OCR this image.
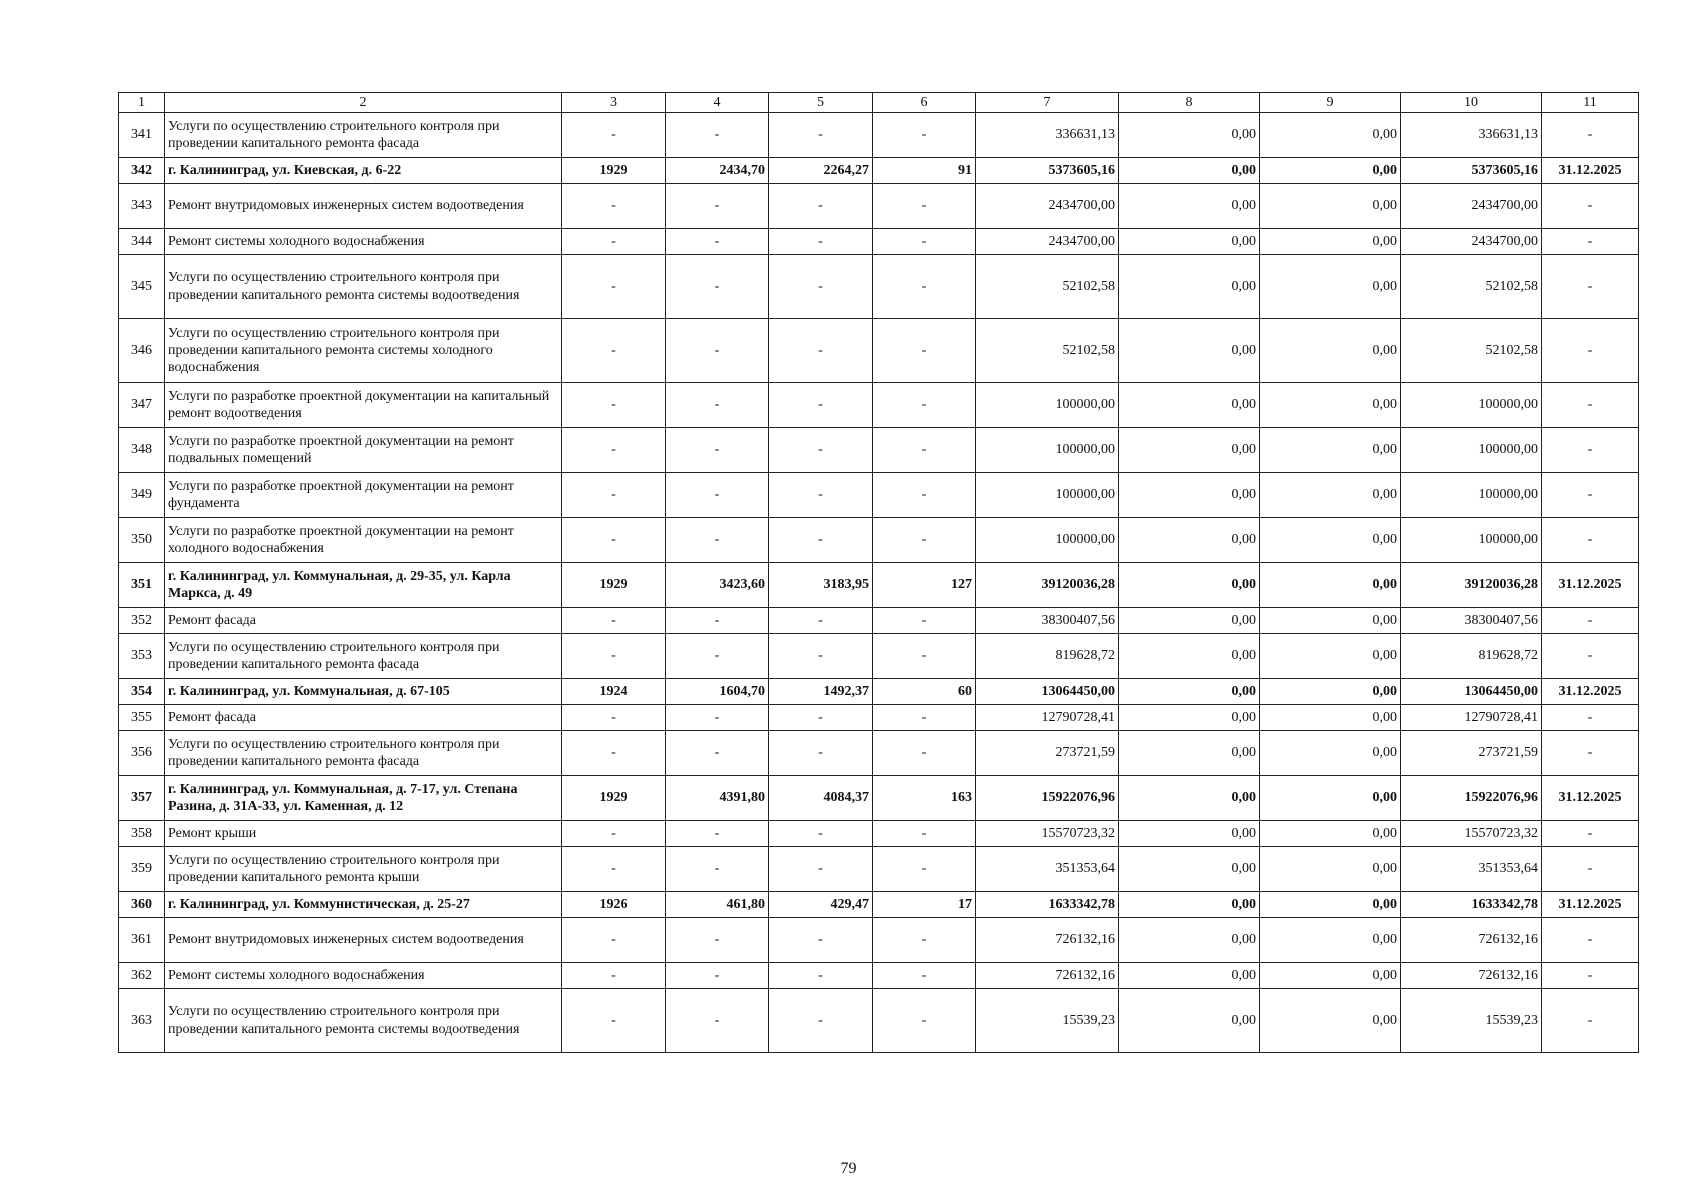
1	2	3	4	5	6	7	8	9	10	11
341	Услуги по осуществлению строительного контроля при проведении капитального ремонта фасада	-	-	-	-	336631,13	0,00	0,00	336631,13	-
342	г. Калининград, ул. Киевская, д. 6-22	1929	2434,70	2264,27	91	5373605,16	0,00	0,00	5373605,16	31.12.2025
343	Ремонт внутридомовых инженерных систем водоотведения	-	-	-	-	2434700,00	0,00	0,00	2434700,00	-
344	Ремонт системы холодного водоснабжения	-	-	-	-	2434700,00	0,00	0,00	2434700,00	-
345	Услуги по осуществлению строительного контроля при проведении капитального ремонта системы водоотведения	-	-	-	-	52102,58	0,00	0,00	52102,58	-
346	Услуги по осуществлению строительного контроля при проведении капитального ремонта системы холодного водоснабжения	-	-	-	-	52102,58	0,00	0,00	52102,58	-
347	Услуги по разработке проектной документации на капитальный ремонт водоотведения	-	-	-	-	100000,00	0,00	0,00	100000,00	-
348	Услуги по разработке проектной документации на ремонт подвальных помещений	-	-	-	-	100000,00	0,00	0,00	100000,00	-
349	Услуги по разработке проектной документации на ремонт фундамента	-	-	-	-	100000,00	0,00	0,00	100000,00	-
350	Услуги по разработке проектной документации на ремонт холодного водоснабжения	-	-	-	-	100000,00	0,00	0,00	100000,00	-
351	г. Калининград, ул. Коммунальная, д. 29-35, ул. Карла Маркса, д. 49	1929	3423,60	3183,95	127	39120036,28	0,00	0,00	39120036,28	31.12.2025
352	Ремонт фасада	-	-	-	-	38300407,56	0,00	0,00	38300407,56	-
353	Услуги по осуществлению строительного контроля при проведении капитального ремонта фасада	-	-	-	-	819628,72	0,00	0,00	819628,72	-
354	г. Калининград, ул. Коммунальная, д. 67-105	1924	1604,70	1492,37	60	13064450,00	0,00	0,00	13064450,00	31.12.2025
355	Ремонт фасада	-	-	-	-	12790728,41	0,00	0,00	12790728,41	-
356	Услуги по осуществлению строительного контроля при проведении капитального ремонта фасада	-	-	-	-	273721,59	0,00	0,00	273721,59	-
357	г. Калининград, ул. Коммунальная, д. 7-17, ул. Степана Разина, д. 31А-33, ул. Каменная, д. 12	1929	4391,80	4084,37	163	15922076,96	0,00	0,00	15922076,96	31.12.2025
358	Ремонт крыши	-	-	-	-	15570723,32	0,00	0,00	15570723,32	-
359	Услуги по осуществлению строительного контроля при проведении капитального ремонта крыши	-	-	-	-	351353,64	0,00	0,00	351353,64	-
360	г. Калининград, ул. Коммунистическая, д. 25-27	1926	461,80	429,47	17	1633342,78	0,00	0,00	1633342,78	31.12.2025
361	Ремонт внутридомовых инженерных систем водоотведения	-	-	-	-	726132,16	0,00	0,00	726132,16	-
362	Ремонт системы холодного водоснабжения	-	-	-	-	726132,16	0,00	0,00	726132,16	-
363	Услуги по осуществлению строительного контроля при проведении капитального ремонта системы водоотведения	-	-	-	-	15539,23	0,00	0,00	15539,23	-
79
